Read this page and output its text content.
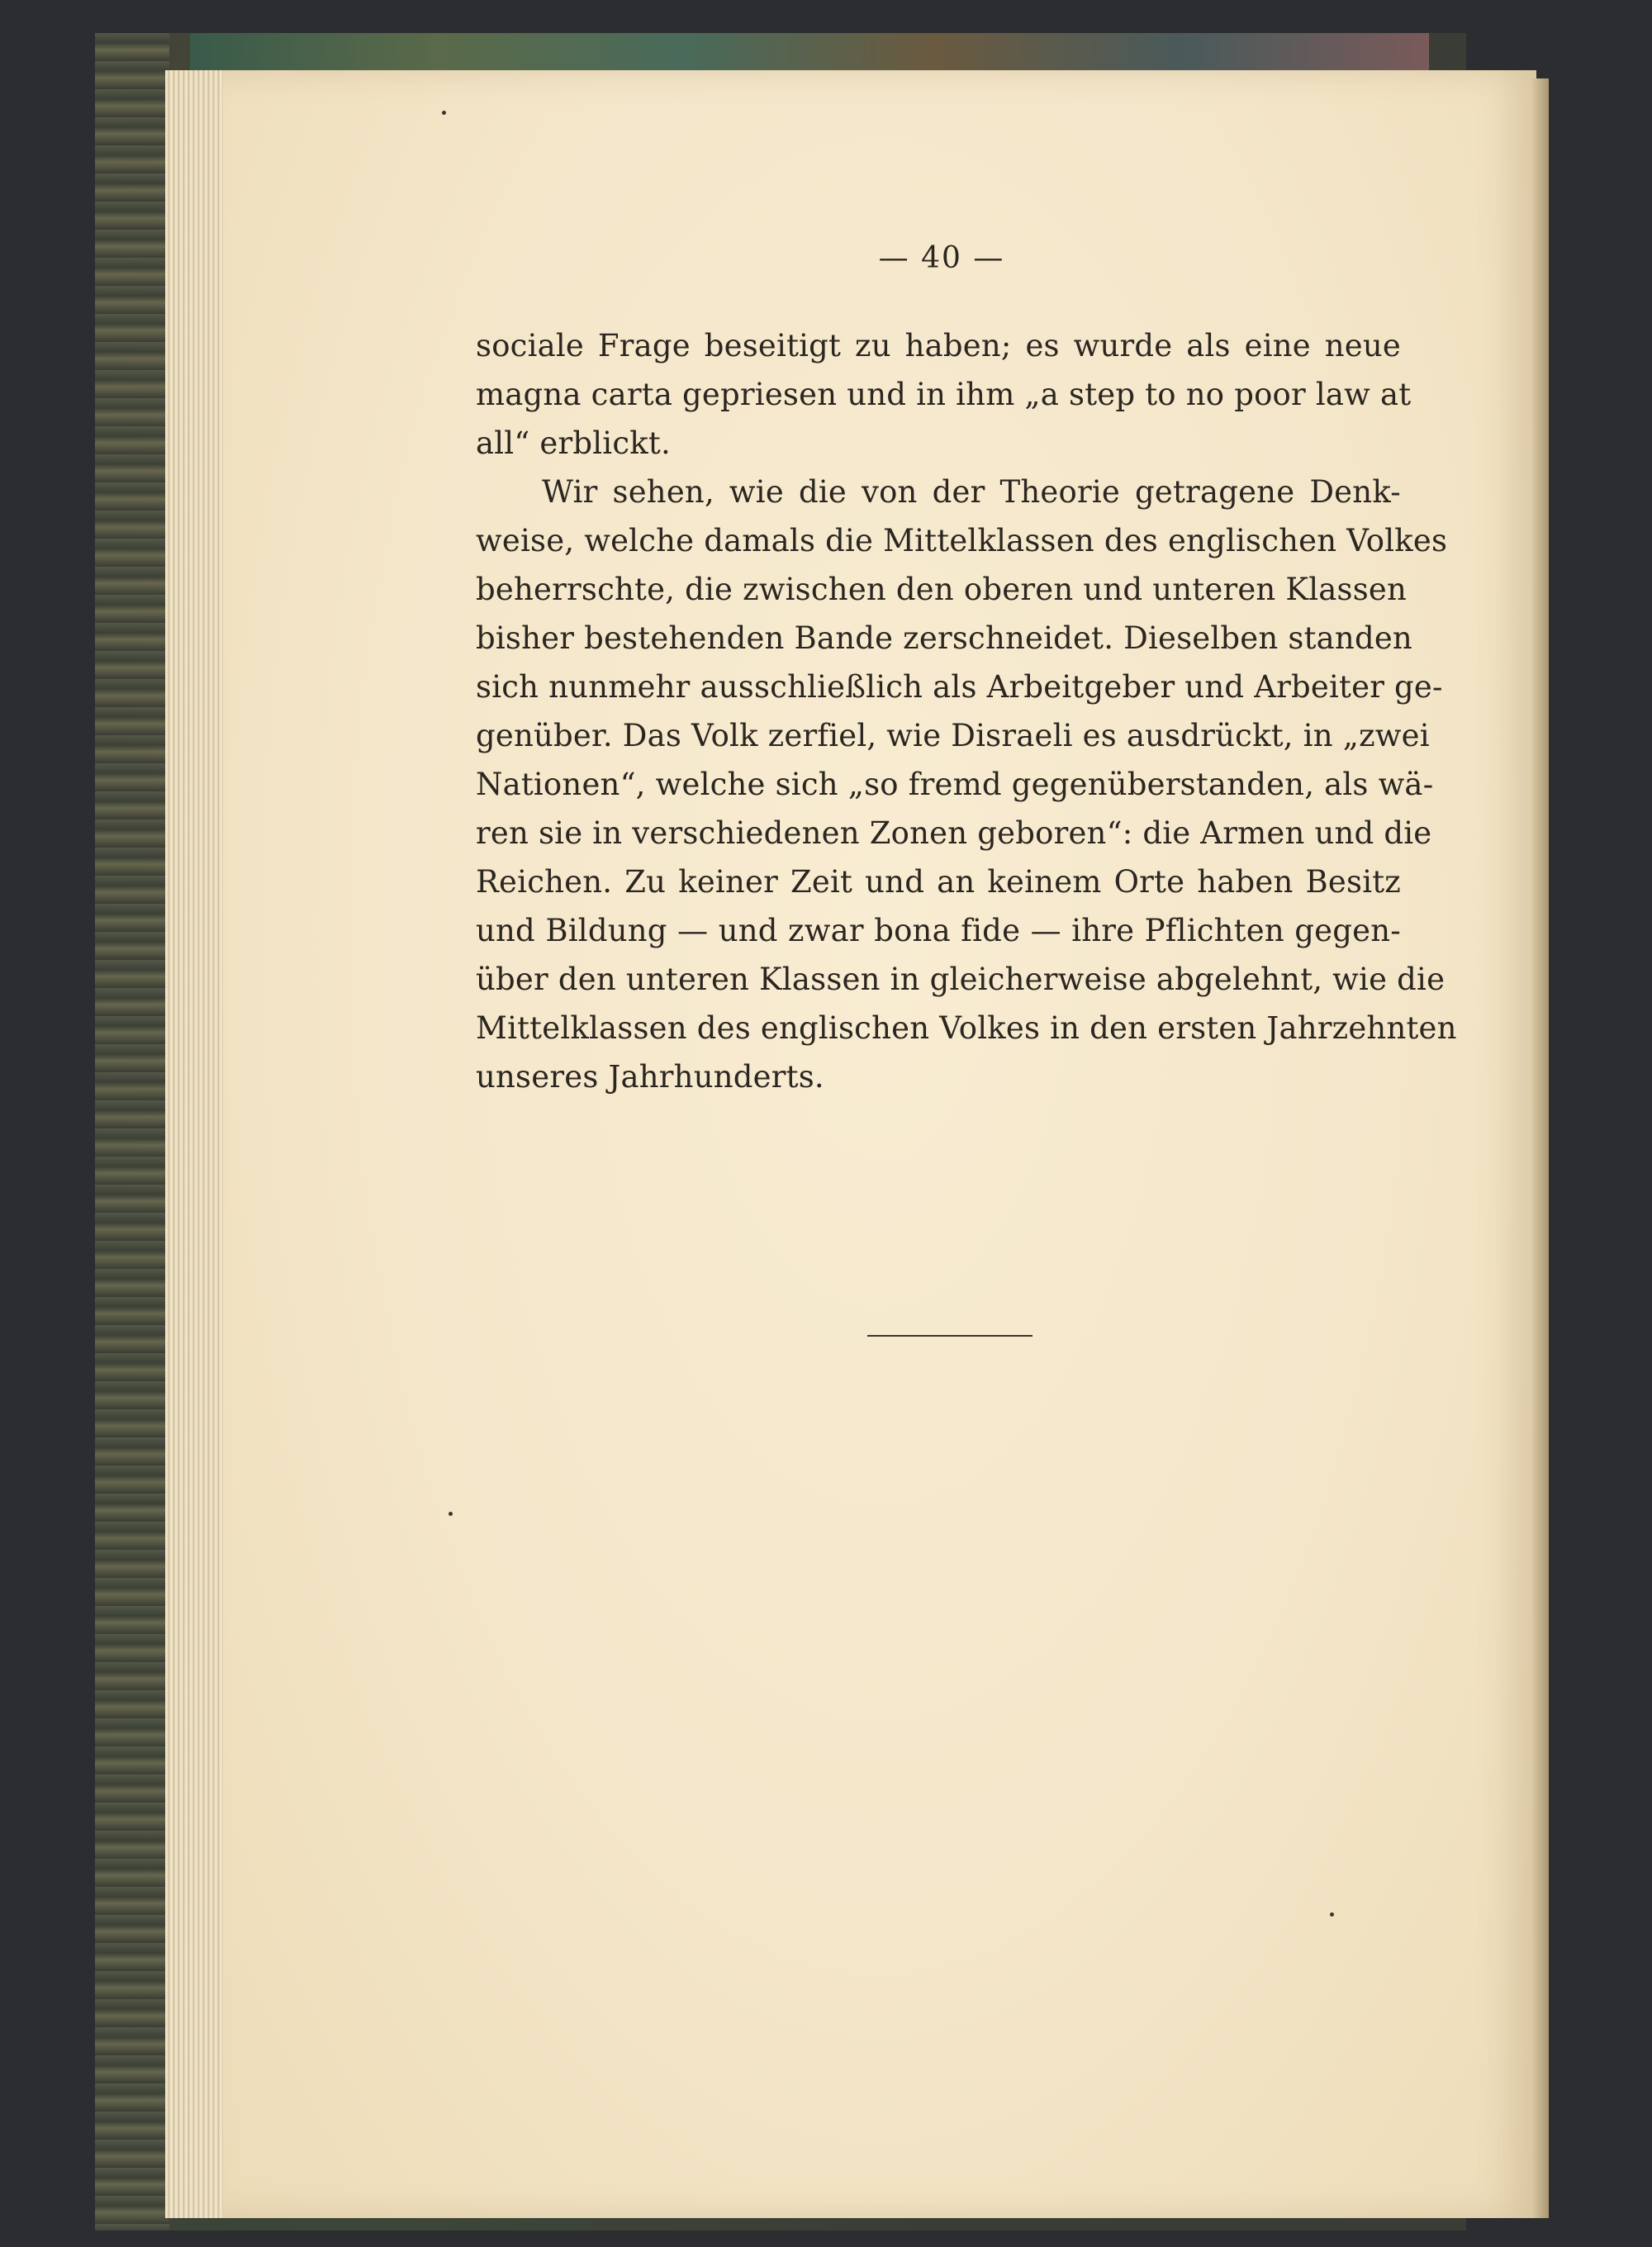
— 40 —
sociale Frage beseitigt zu haben; es wurde als eine neue
magna carta gepriesen und in ihm „a step to no poor law at
all“ erblickt.
Wir sehen, wie die von der Theorie getragene Denk-
weise, welche damals die Mittelklassen des englischen Volkes
beherrschte, die zwischen den oberen und unteren Klassen
bisher bestehenden Bande zerschneidet. Dieselben standen
sich nunmehr ausschließlich als Arbeitgeber und Arbeiter ge-
genüber. Das Volk zerfiel, wie Disraeli es ausdrückt, in „zwei
Nationen“, welche sich „so fremd gegenüberstanden, als wä-
ren sie in verschiedenen Zonen geboren“: die Armen und die
Reichen. Zu keiner Zeit und an keinem Orte haben Besitz
und Bildung — und zwar bona fide — ihre Pflichten gegen-
über den unteren Klassen in gleicherweise abgelehnt, wie die
Mittelklassen des englischen Volkes in den ersten Jahrzehnten
unseres Jahrhunderts.
